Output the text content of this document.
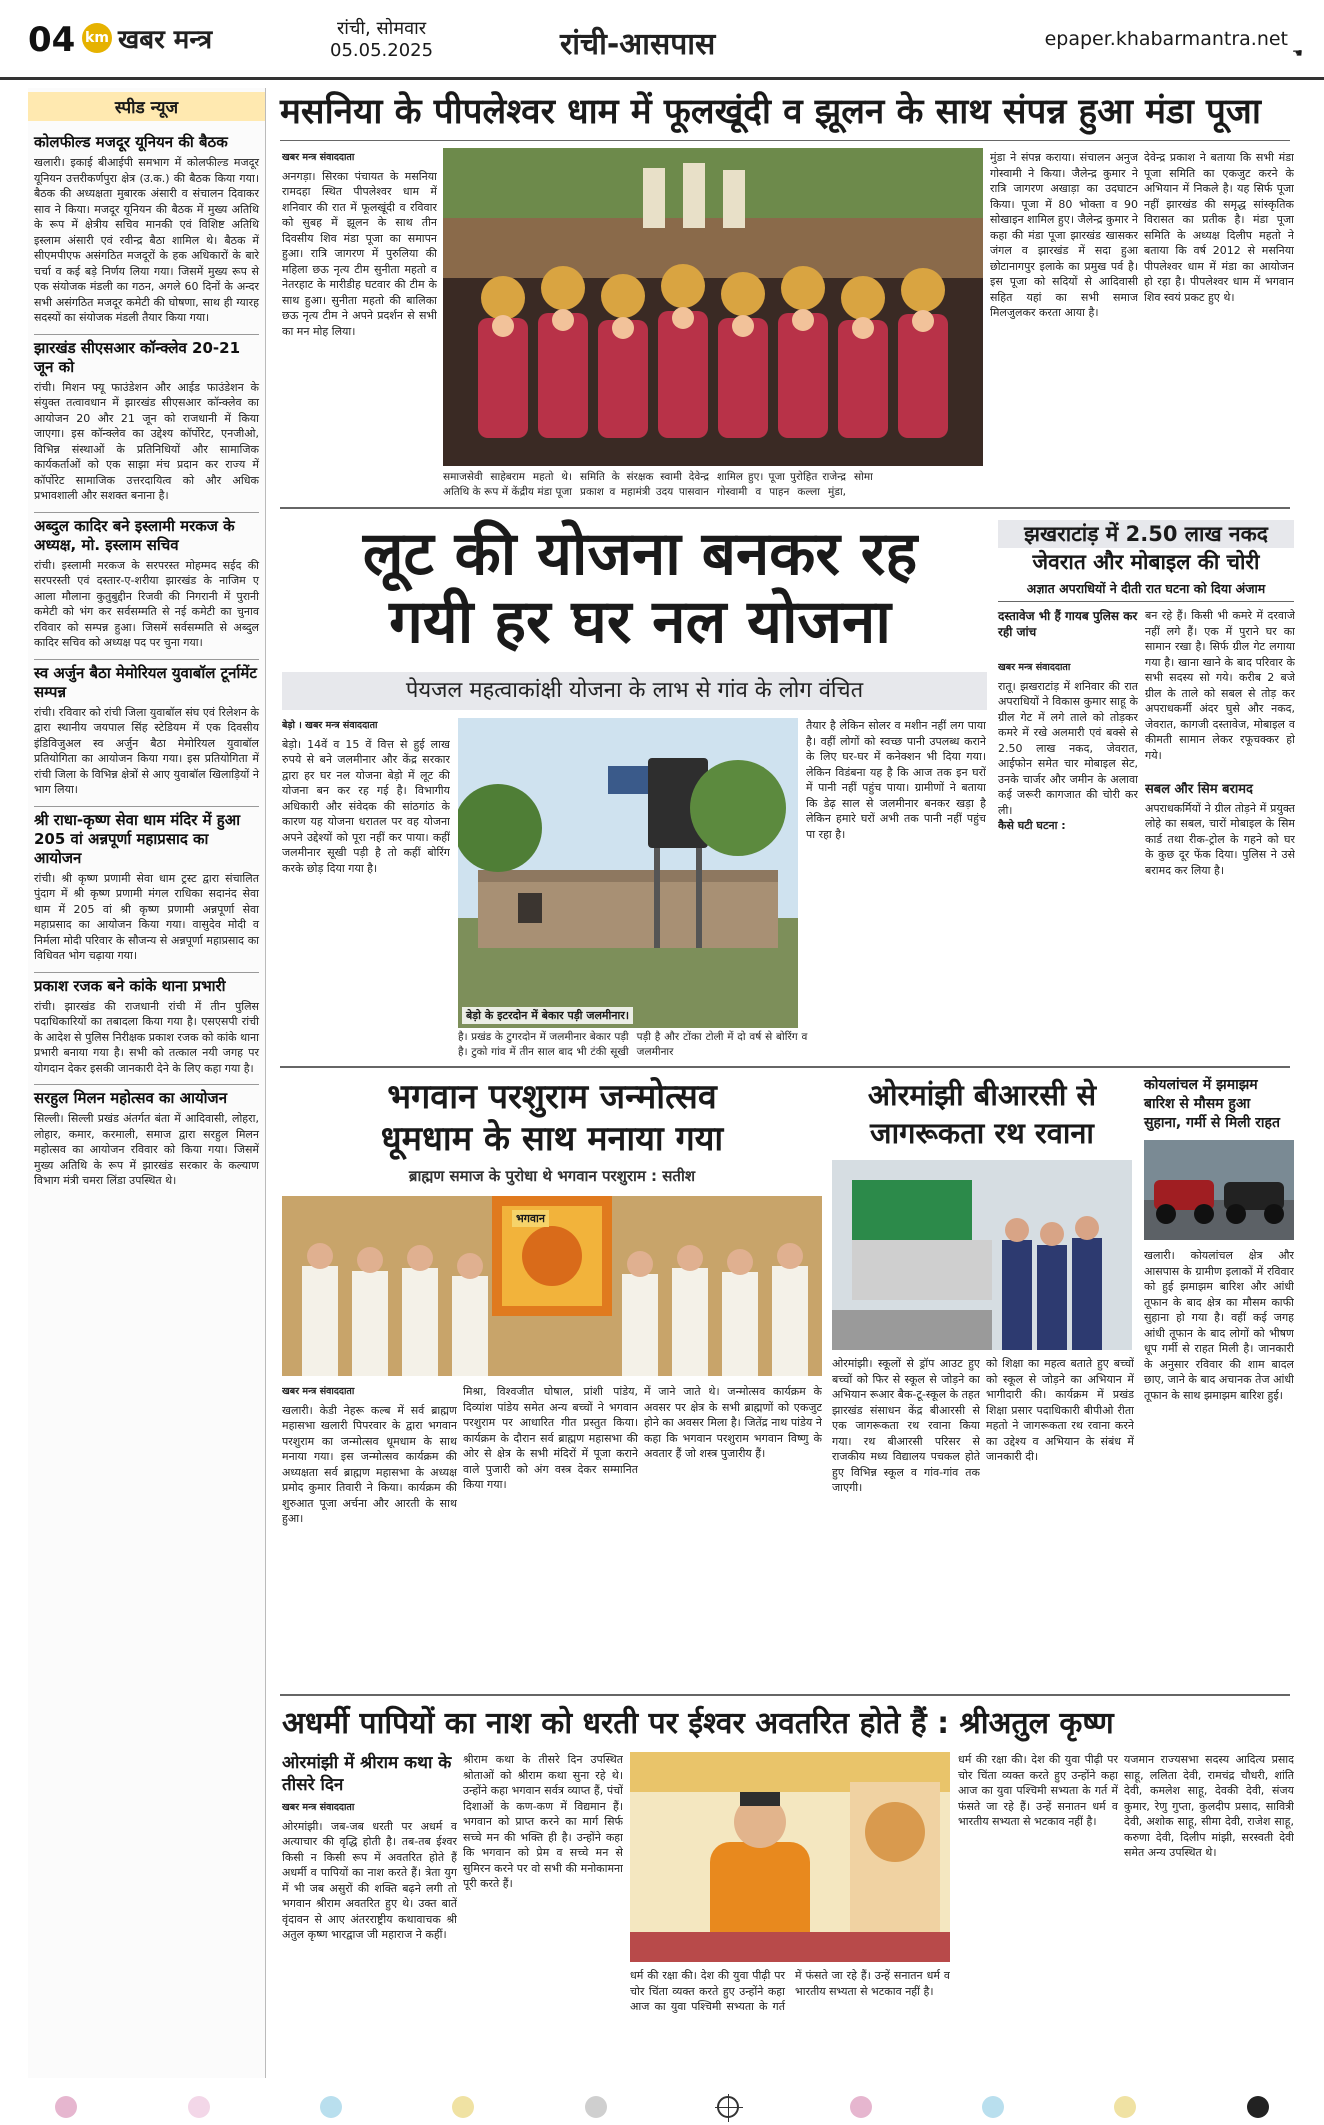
04 km खबर मन्त्र	रांची, सोमवार
05.05.2025	रांची-आसपास	epaper.khabarmantra.net
☚
स्पीड न्यूज
कोलफील्ड मजदूर यूनियन की बैठक
खलारी। इकाई बीआईपी समभाग में कोलफील्ड मजदूर यूनियन उत्तरीकर्णपुरा क्षेत्र (उ.क.) की बैठक किया गया। बैठक की अध्यक्षता मुबारक अंसारी व संचालन दिवाकर साव ने किया। मजदूर यूनियन की बैठक में मुख्य अतिथि के रूप में क्षेत्रीय सचिव मानकी एवं विशिष्ट अतिथि इस्लाम अंसारी एवं रवीन्द्र बैठा शामिल थे। बैठक में सीएमपीएफ असंगठित मजदूरों के हक अधिकारों के बारे चर्चा व कई बड़े निर्णय लिया गया। जिसमें मुख्य रूप से एक संयोजक मंडली का गठन, अगले 60 दिनों के अन्दर सभी असंगठित मजदूर कमेटी की घोषणा, साथ ही ग्यारह सदस्यों का संयोजक मंडली तैयार किया गया।
झारखंड सीएसआर कॉन्क्लेव 20-21 जून को
रांची। मिशन फ्यू फाउंडेशन और आईड फाउंडेशन के संयुक्त तत्वावधान में झारखंड सीएसआर कॉन्क्लेव का आयोजन 20 और 21 जून को राजधानी में किया जाएगा। इस कॉन्क्लेव का उद्देश्य कॉर्पोरेट, एनजीओ, विभिन्न संस्थाओं के प्रतिनिधियों और सामाजिक कार्यकर्ताओं को एक साझा मंच प्रदान कर राज्य में कॉर्पोरेट सामाजिक उत्तरदायित्व को और अधिक प्रभावशाली और सशक्त बनाना है।
अब्दुल कादिर बने इस्लामी मरकज के अध्यक्ष, मो. इस्लाम सचिव
रांची। इस्लामी मरकज के सरपरस्त मोहम्मद सईद की सरपरस्ती एवं दस्तार-ए-शरीया झारखंड के नाजिम ए आला मौलाना कुतुबुद्दीन रिजवी की निगरानी में पुरानी कमेटी को भंग कर सर्वसम्मति से नई कमेटी का चुनाव रविवार को सम्पन्न हुआ। जिसमें सर्वसम्मति से अब्दुल कादिर सचिव को अध्यक्ष पद पर चुना गया।
स्व अर्जुन बैठा मेमोरियल युवाबॉल टूर्नामेंट सम्पन्न
रांची। रविवार को रांची जिला युवाबॉल संघ एवं रिलेशन के द्वारा स्थानीय जयपाल सिंह स्टेडियम में एक दिवसीय इंडिविजुअल स्व अर्जुन बैठा मेमोरियल युवाबॉल प्रतियोगिता का आयोजन किया गया। इस प्रतियोगिता में रांची जिला के विभिन्न क्षेत्रों से आए युवाबॉल खिलाड़ियों ने भाग लिया।
श्री राधा-कृष्ण सेवा धाम मंदिर में हुआ 205 वां अन्नपूर्णा महाप्रसाद का आयोजन
रांची। श्री कृष्ण प्रणामी सेवा धाम ट्रस्ट द्वारा संचालित पुंदाग में श्री कृष्ण प्रणामी मंगल राधिका सदानंद सेवा धाम में 205 वां श्री कृष्ण प्रणामी अन्नपूर्णा सेवा महाप्रसाद का आयोजन किया गया। वासुदेव मोदी व निर्मला मोदी परिवार के सौजन्य से अन्नपूर्णा महाप्रसाद का विधिवत भोग चढ़ाया गया।
प्रकाश रजक बने कांके थाना प्रभारी
रांची। झारखंड की राजधानी रांची में तीन पुलिस पदाधिकारियों का तबादला किया गया है। एसएसपी रांची के आदेश से पुलिस निरीक्षक प्रकाश रजक को कांके थाना प्रभारी बनाया गया है। सभी को तत्काल नयी जगह पर योगदान देकर इसकी जानकारी देने के लिए कहा गया है।
सरहुल मिलन महोत्सव का आयोजन
सिल्ली। सिल्ली प्रखंड अंतर्गत बंता में आदिवासी, लोहरा, लोहार, कमार, करमाली, समाज द्वारा सरहुल मिलन महोत्सव का आयोजन रविवार को किया गया। जिसमें मुख्य अतिथि के रूप में झारखंड सरकार के कल्याण विभाग मंत्री चमरा लिंडा उपस्थित थे।
मसनिया के पीपलेश्वर धाम में फूलखूंदी व झूलन के साथ संपन्न हुआ मंडा पूजा
खबर मन्त्र संवाददाता
अनगड़ा। सिरका पंचायत के मसनिया रामदहा स्थित पीपलेश्वर धाम में शनिवार की रात में फूलखूंदी व रविवार को सुबह में झूलन के साथ तीन दिवसीय शिव मंडा पूजा का समापन हुआ। रात्रि जागरण में पुरुलिया की महिला छऊ नृत्य टीम सुनीता महतो व नेतरहाट के मारीडीह घटवार की टीम के साथ हुआ। सुनीता महतो की बालिका छऊ नृत्य टीम ने अपने प्रदर्शन से सभी का मन मोह लिया।
मुंडा ने संपन्न कराया। संचालन अनुज गोस्वामी ने किया। जैलेन्द्र कुमार ने रात्रि जागरण अखाड़ा का उदघाटन किया। पूजा में 80 भोक्ता व 90 सोखाइन शामिल हुए। जैलेन्द्र कुमार ने कहा की मंडा पूजा झारखंड खासकर जंगल व झारखंड में सदा हुआ छोटानागपुर इलाके का प्रमुख पर्व है। इस पूजा को सदियों से आदिवासी सहित यहां का सभी समाज मिलजुलकर करता आया है।
देवेन्द्र प्रकाश ने बताया कि सभी मंडा पूजा समिति का एकजुट करने के अभियान में निकले है। यह सिर्फ पूजा नहीं झारखंड की समृद्ध सांस्कृतिक विरासत का प्रतीक है। मंडा पूजा समिति के अध्यक्ष दिलीप महतो ने बताया कि वर्ष 2012 से मसनिया पीपलेश्वर धाम में मंडा का आयोजन हो रहा है। पीपलेश्वर धाम में भगवान शिव स्वयं प्रकट हुए थे।
समाजसेवी साहेबराम महतो थे। अतिथि के रूप में केंद्रीय मंडा पूजा समिति के संरक्षक स्वामी देवेन्द्र प्रकाश व महामंत्री उदय पासवान शामिल हुए। पूजा पुरोहित राजेन्द्र गोस्वामी व पाहन कल्ला मुंडा, सोमा
लूट की योजना बनकर रह
गयी हर घर नल योजना
पेयजल महत्वाकांक्षी योजना के लाभ से गांव के लोग वंचित
बेड़ो । खबर मन्त्र संवाददाता
बेड़ो। 14वें व 15 वें वित्त से हुई लाख रुपये से बने जलमीनार और केंद्र सरकार द्वारा हर घर नल योजना बेड़ो में लूट की योजना बन कर रह गई है। विभागीय अधिकारी और संवेदक की सांठगांठ के कारण यह योजना धरातल पर वह योजना अपने उद्देश्यों को पूरा नहीं कर पाया। कहीं जलमीनार सूखी पड़ी है तो कहीं बोरिंग करके छोड़ दिया गया है।
बेड़ो के इटरदोन में बेकार पड़ी जलमीनार।
तैयार है लेकिन सोलर व मशीन नहीं लग पाया है। वहीं लोगों को स्वच्छ पानी उपलब्ध कराने के लिए घर-घर में कनेक्शन भी दिया गया। लेकिन विडंबना यह है कि आज तक इन घरों में पानी नहीं पहुंच पाया। ग्रामीणों ने बताया कि डेढ़ साल से जलमीनार बनकर खड़ा है लेकिन हमारे घरों अभी तक पानी नहीं पहुंच पा रहा है।
है। प्रखंड के टुगरदोन में जलमीनार बेकार पड़ी है। टुको गांव में तीन साल बाद भी टंकी सूखी पड़ी है और टोंका टोली में दो वर्ष से बोरिंग व जलमीनार
झखराटांड़ में 2.50 लाख नकद
जेवरात और मोबाइल की चोरी
अज्ञात अपराधियों ने दीती रात घटना को दिया अंजाम
दस्तावेज भी हैं गायब पुलिस कर रही जांच
खबर मन्त्र संवाददाता
रातू। झखराटांड़ में शनिवार की रात अपराधियों ने विकास कुमार साहू के ग्रील गेट में लगे ताले को तोड़कर कमरे में रखे अलमारी एवं बक्से से 2.50 लाख नकद, जेवरात, आईफोन समेत चार मोबाइल सेट, उनके चार्जर और जमीन के अलावा कई जरूरी कागजात की चोरी कर ली।
कैसे घटी घटना :
बन रहे हैं। किसी भी कमरे में दरवाजे नहीं लगे हैं। एक में पुराने घर का सामान रखा है। सिर्फ ग्रील गेट लगाया गया है। खाना खाने के बाद परिवार के सभी सदस्य सो गये। करीब 2 बजे ग्रील के ताले को सबल से तोड़ कर अपराधकर्मी अंदर घुसे और नकद, जेवरात, कागजी दस्तावेज, मोबाइल व कीमती सामान लेकर रफूचक्कर हो गये।
सबल और सिम बरामद
अपराधकर्मियों ने ग्रील तोड़ने में प्रयुक्त लोहे का सबल, चारों मोबाइल के सिम कार्ड तथा रीक-ट्रोल के गहने को घर के कुछ दूर फेंक दिया। पुलिस ने उसे बरामद कर लिया है।
भगवान परशुराम जन्मोत्सव
धूमधाम के साथ मनाया गया
ब्राह्मण समाज के पुरोधा थे भगवान परशुराम : सतीश
भगवान
खबर मन्त्र संवाददाता
खलारी। केडी नेहरू कल्ब में सर्व ब्राह्मण महासभा खलारी पिपरवार के द्वारा भगवान परशुराम का जन्मोत्सव धूमधाम के साथ मनाया गया। इस जन्मोत्सव कार्यक्रम की अध्यक्षता सर्व ब्राह्मण महासभा के अध्यक्ष प्रमोद कुमार तिवारी ने किया। कार्यक्रम की शुरुआत पूजा अर्चना और आरती के साथ हुआ।
मिश्रा, विश्वजीत घोषाल, प्रांशी पांडेय, दिव्यांश पांडेय समेत अन्य बच्चों ने भगवान परशुराम पर आधारित गीत प्रस्तुत किया। कार्यक्रम के दौरान सर्व ब्राह्मण महासभा की ओर से क्षेत्र के सभी मंदिरों में पूजा कराने वाले पुजारी को अंग वस्त्र देकर सम्मानित किया गया।
में जाने जाते थे। जन्मोत्सव कार्यक्रम के अवसर पर क्षेत्र के सभी ब्राह्मणों को एकजुट होने का अवसर मिला है। जितेंद्र नाथ पांडेय ने कहा कि भगवान परशुराम भगवान विष्णु के अवतार हैं जो शस्त्र पुजारीय हैं।
ओरमांझी बीआरसी से
जागरूकता रथ रवाना
ओरमांझी। स्कूलों से ड्रॉप आउट हुए बच्चों को फिर से स्कूल से जोड़ने का अभियान रूआर बैक-टू-स्कूल के तहत झारखंड संसाधन केंद्र बीआरसी से एक जागरूकता रथ रवाना किया गया। रथ बीआरसी परिसर से राजकीय मध्य विद्यालय पचकल होते हुए विभिन्न स्कूल व गांव-गांव तक जाएगी।
को शिक्षा का महत्व बताते हुए बच्चों को स्कूल से जोड़ने का अभियान में भागीदारी की। कार्यक्रम में प्रखंड शिक्षा प्रसार पदाधिकारी बीपीओ रीता महतो ने जागरूकता रथ रवाना करने का उद्देश्य व अभियान के संबंध में जानकारी दी।
कोयलांचल में झमाझम
बारिश से मौसम हुआ
सुहाना, गर्मी से मिली राहत
खलारी। कोयलांचल क्षेत्र और आसपास के ग्रामीण इलाकों में रविवार को हुई झमाझम बारिश और आंधी तूफान के बाद क्षेत्र का मौसम काफी सुहाना हो गया है। वहीं कई जगह आंधी तूफान के बाद लोगों को भीषण धूप गर्मी से राहत मिली है। जानकारी के अनुसार रविवार की शाम बादल छाए, जाने के बाद अचानक तेज आंधी तूफान के साथ झमाझम बारिश हुई।
अधर्मी पापियों का नाश को धरती पर ईश्वर अवतरित होते हैं : श्रीअतुल कृष्ण
ओरमांझी में श्रीराम कथा के तीसरे दिन
खबर मन्त्र संवाददाता
ओरमांझी। जब-जब धरती पर अधर्म व अत्याचार की वृद्धि होती है। तब-तब ईश्वर किसी न किसी रूप में अवतरित होते हैं अधर्मी व पापियों का नाश करते हैं। त्रेता युग में भी जब असुरों की शक्ति बढ़ने लगी तो भगवान श्रीराम अवतरित हुए थे। उक्त बातें वृंदावन से आए अंतरराष्ट्रीय कथावाचक श्री अतुल कृष्ण भारद्वाज जी महाराज ने कहीं।
श्रीराम कथा के तीसरे दिन उपस्थित श्रोताओं को श्रीराम कथा सुना रहे थे। उन्होंने कहा भगवान सर्वत्र व्याप्त हैं, पंचों दिशाओं के कण-कण में विद्यमान हैं। भगवान को प्राप्त करने का मार्ग सिर्फ सच्चे मन की भक्ति ही है। उन्होंने कहा कि भगवान को प्रेम व सच्चे मन से सुमिरन करने पर वो सभी की मनोकामना पूरी करते हैं।
धर्म की रक्षा की। देश की युवा पीढ़ी पर चोर चिंता व्यक्त करते हुए उन्होंने कहा आज का युवा पश्चिमी सभ्यता के गर्त में फंसते जा रहे हैं। उन्हें सनातन धर्म व भारतीय सभ्यता से भटकाव नहीं है।
धर्म की रक्षा की। देश की युवा पीढ़ी पर चोर चिंता व्यक्त करते हुए उन्होंने कहा आज का युवा पश्चिमी सभ्यता के गर्त में फंसते जा रहे हैं। उन्हें सनातन धर्म व भारतीय सभ्यता से भटकाव नहीं है।
यजमान राज्यसभा सदस्य आदित्य प्रसाद साहू, ललिता देवी, रामचंद्र चौधरी, शांति देवी, कमलेश साहू, देवकी देवी, संजय कुमार, रेणु गुप्ता, कुलदीप प्रसाद, सावित्री देवी, अशोक साहू, सीमा देवी, राजेश साहू, करुणा देवी, दिलीप मांझी, सरस्वती देवी समेत अन्य उपस्थित थे।
